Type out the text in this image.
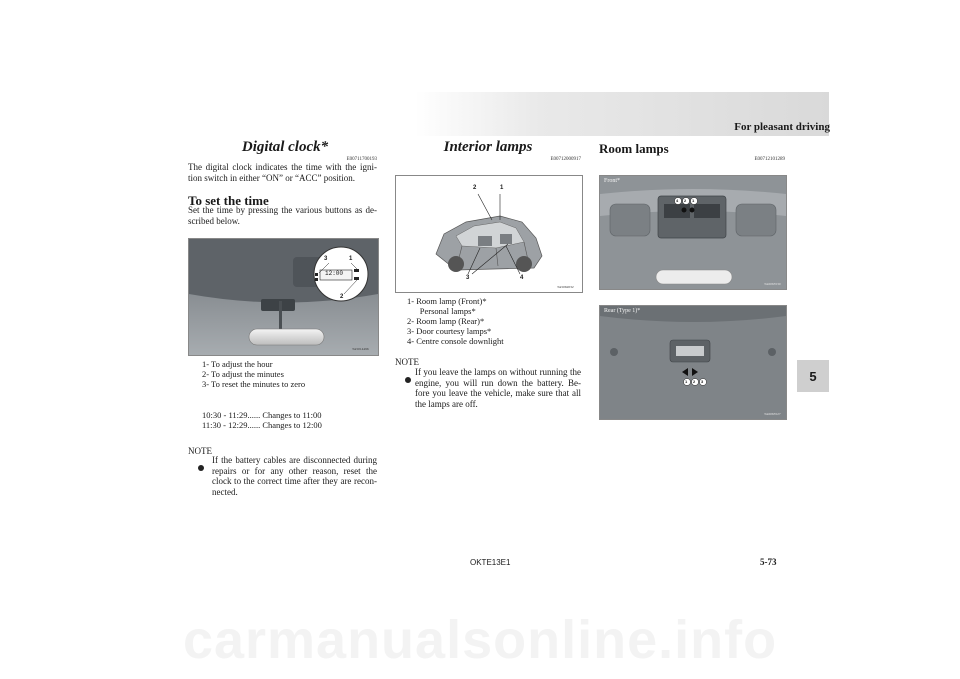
For pleasant driving
5
Digital clock*
E00711700193
The digital clock indicates the time with the igni-tion switch in either “ON” or “ACC” position.
To set the time
Set the time by pressing the various buttons as de-scribed below.
3	1
2
12:00
TA5014496
1- To adjust the hour
2- To adjust the minutes
3- To reset the minutes to zero
10:30 - 11:29...... Changes to 11:00
11:30 - 12:29...... Changes to 12:00
NOTE
If the battery cables are disconnected during repairs or for any other reason, reset the clock to the correct time after they are recon-nected.
Interior lamps
E00712000917
2	1
3	4
TA5062032
1- Room lamp (Front)*
Personal lamps*
2- Room lamp (Rear)*
3- Door courtesy lamps*
4- Centre console downlight
NOTE
If you leave the lamps on without running the engine, you will run down the battery. Be-fore you leave the vehicle, make sure that all the lamps are off.
Room lamps
E00712101289
4 2 1
Front*
TA6063530
1 2 3
Rear (Type 1)*
TA6063527
OKTE13E1	5-73
carmanualsonline.info
